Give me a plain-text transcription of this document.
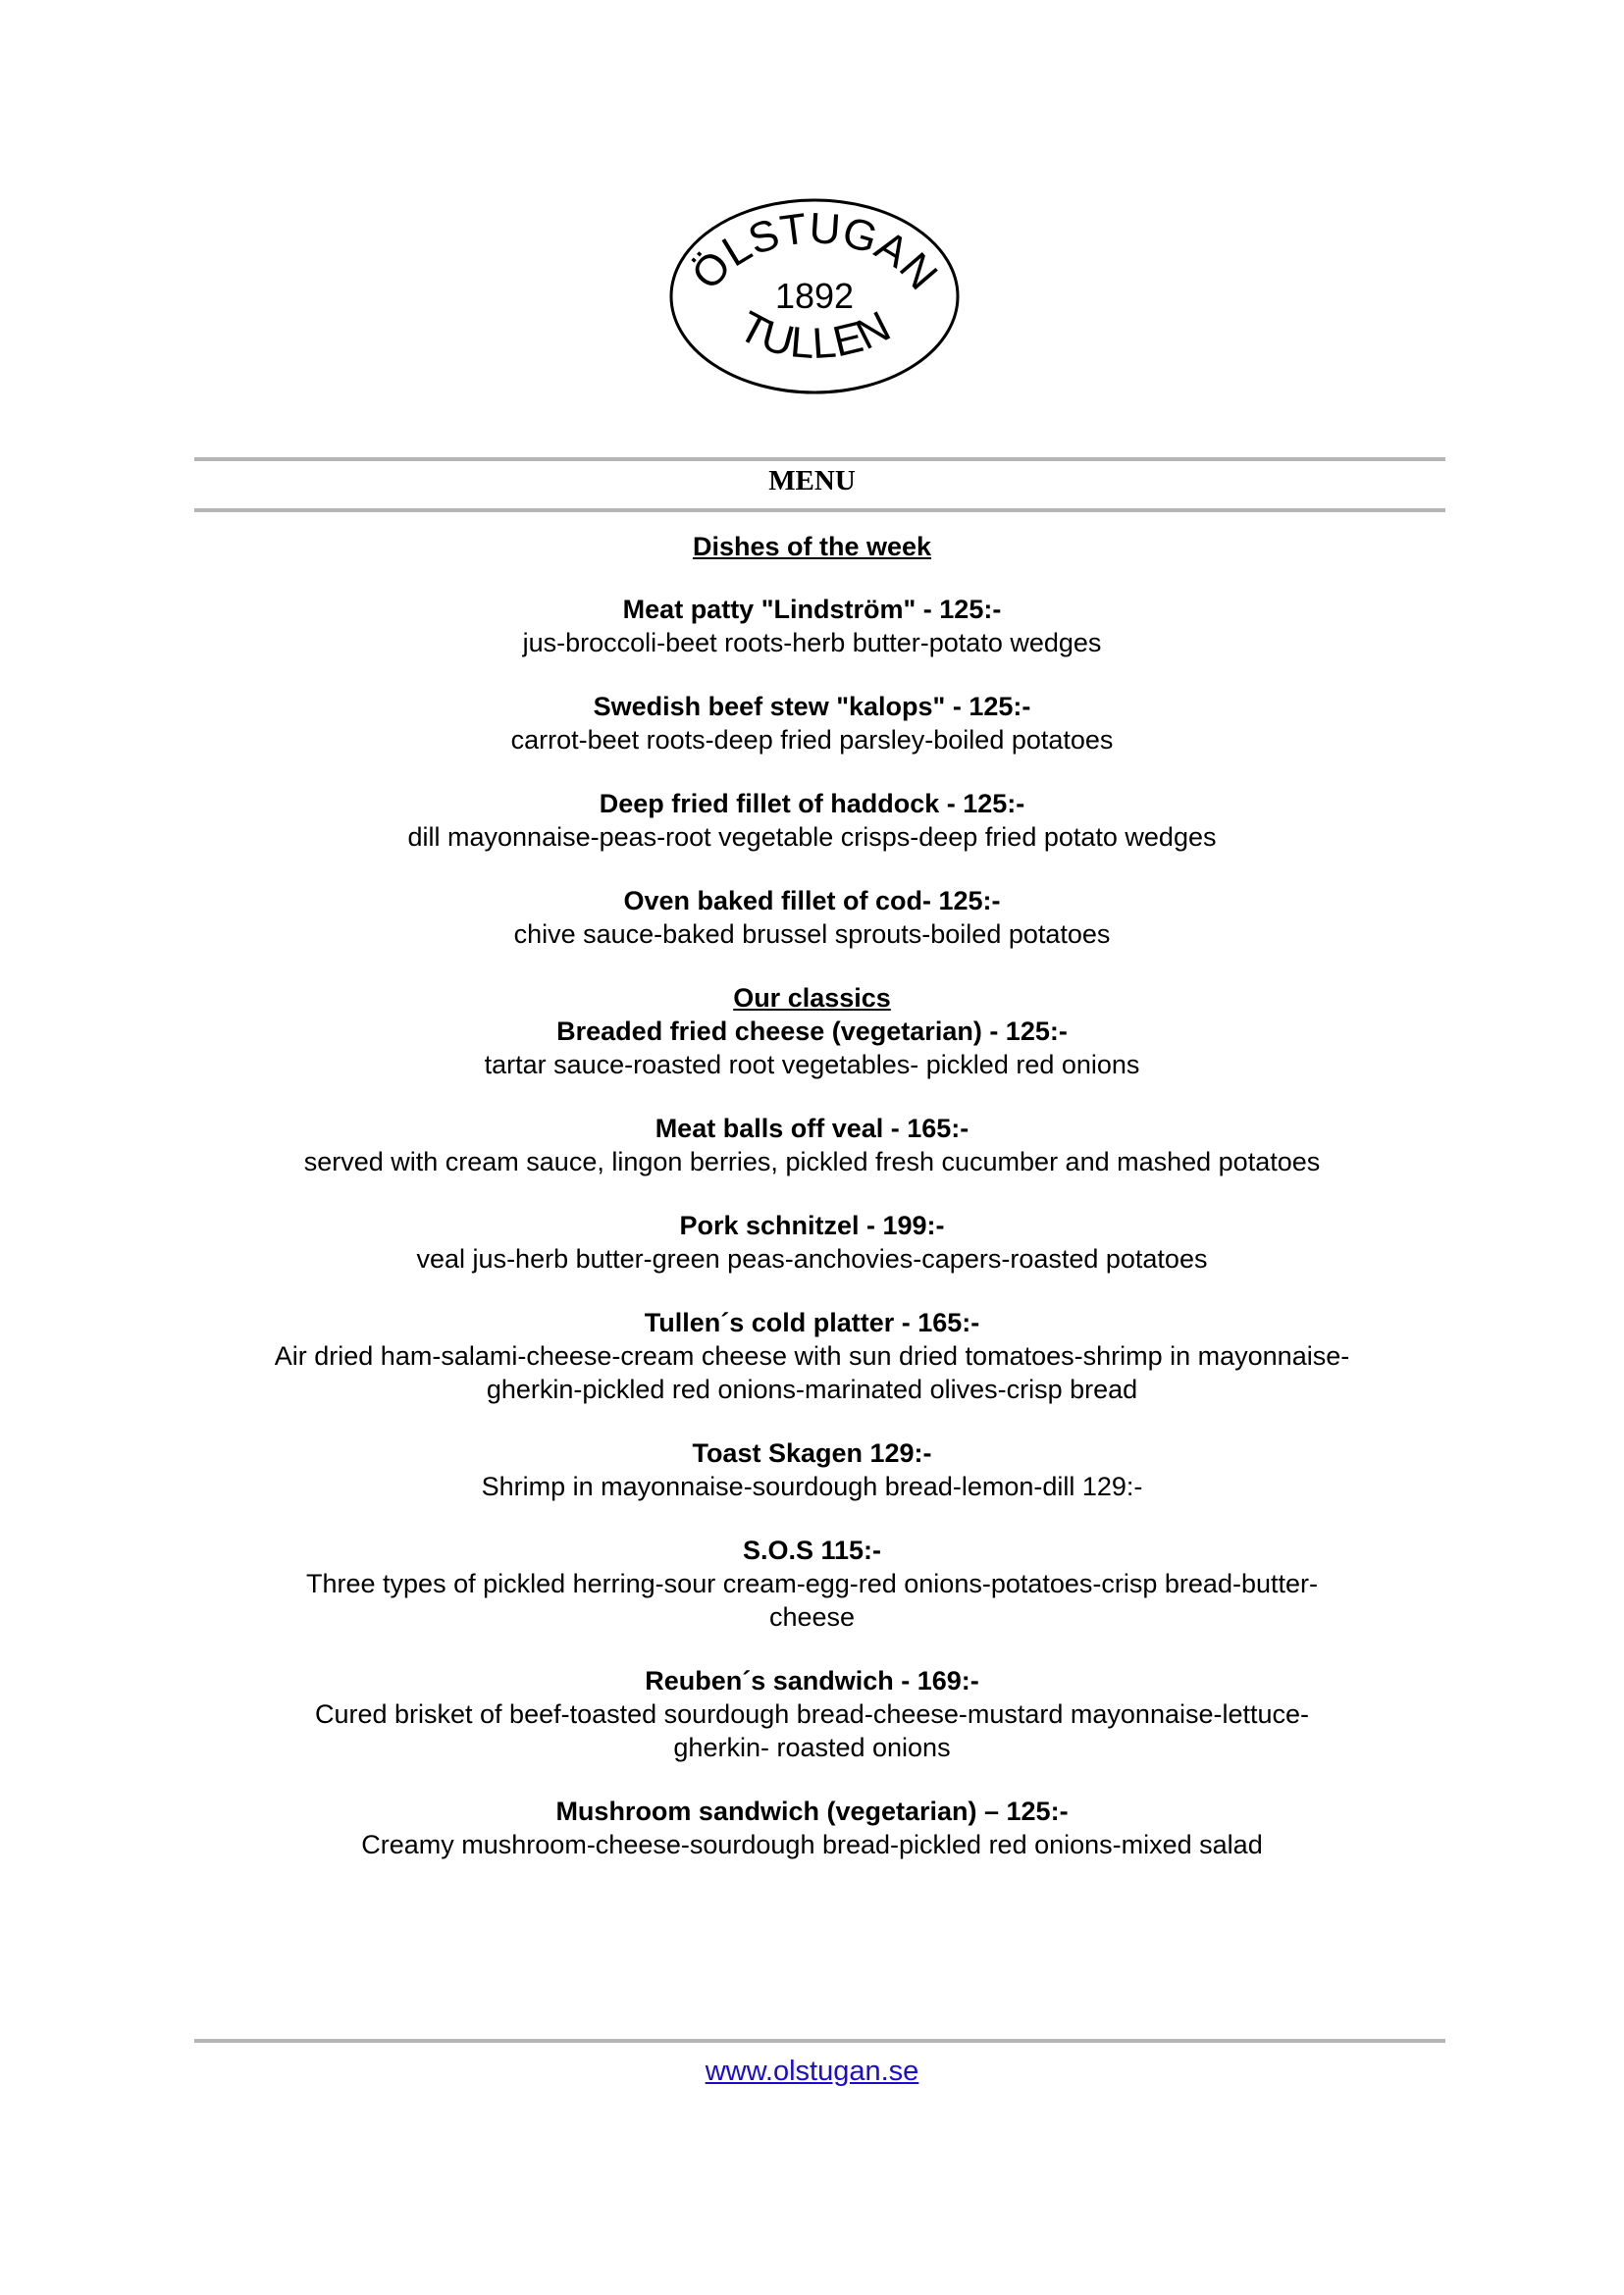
ÖLSTUGAN
1892
TULLEN
MENU

Dishes of the week

Meat patty "Lindström" - 125:-

jus-broccoli-beet roots-herb butter-potato wedges

Swedish beef stew "kalops" - 125:-

carrot-beet roots-deep fried parsley-boiled potatoes

Deep fried fillet of haddock - 125:-

dill mayonnaise-peas-root vegetable crisps-deep fried potato wedges

Oven baked fillet of cod- 125:-

chive sauce-baked brussel sprouts-boiled potatoes

Our classics

Breaded fried cheese (vegetarian) - 125:-

tartar sauce-roasted root vegetables- pickled red onions

Meat balls off veal - 165:-

served with cream sauce, lingon berries, pickled fresh cucumber and mashed potatoes

Pork schnitzel - 199:-

veal jus-herb butter-green peas-anchovies-capers-roasted potatoes

Tullen´s cold platter - 165:-

Air dried ham-salami-cheese-cream cheese with sun dried tomatoes-shrimp in mayonnaise-

gherkin-pickled red onions-marinated olives-crisp bread

Toast Skagen 129:-

Shrimp in mayonnaise-sourdough bread-lemon-dill 129:-

S.O.S 115:-

Three types of pickled herring-sour cream-egg-red onions-potatoes-crisp bread-butter-

cheese

Reuben´s sandwich - 169:-

Cured brisket of beef-toasted sourdough bread-cheese-mustard mayonnaise-lettuce-

gherkin- roasted onions

Mushroom sandwich (vegetarian) – 125:-

Creamy mushroom-cheese-sourdough bread-pickled red onions-mixed salad

www.olstugan.se
